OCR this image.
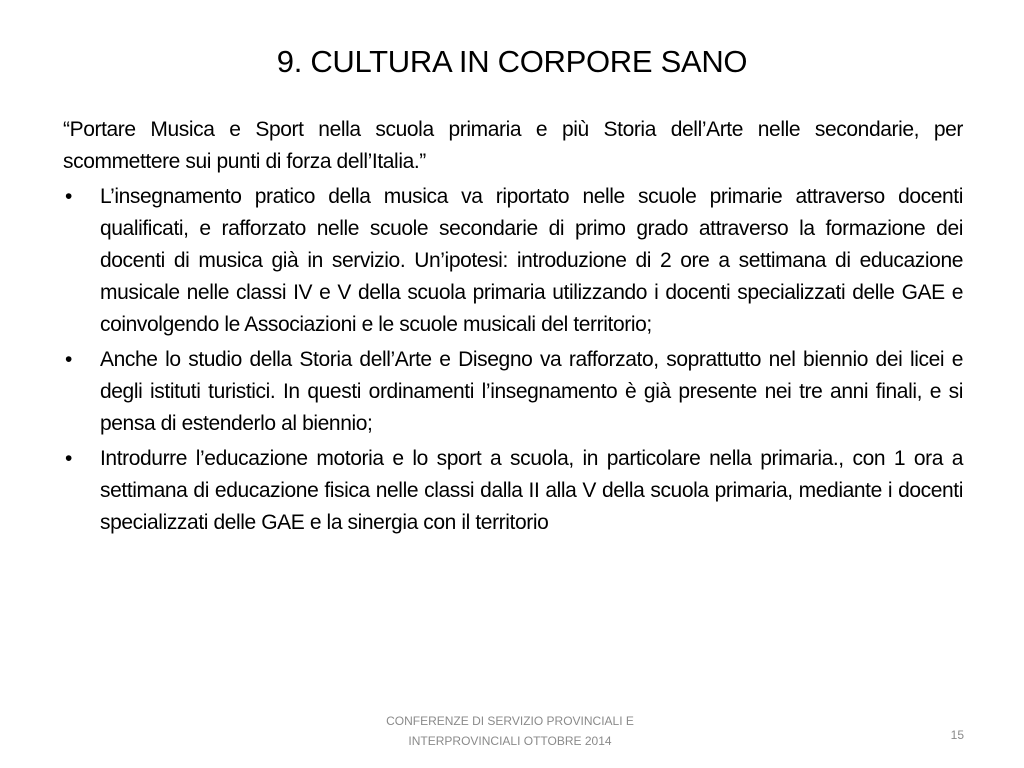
9. CULTURA IN CORPORE SANO

“Portare Musica e Sport nella scuola primaria e più Storia dell’Arte nelle secondarie, per scommettere sui punti di forza dell’Italia.”

•	L’insegnamento pratico della musica va riportato nelle scuole primarie attraverso docenti qualificati, e rafforzato nelle scuole secondarie di primo grado attraverso la formazione dei docenti di musica già in servizio. Un’ipotesi: introduzione di 2 ore a settimana di educazione musicale nelle classi IV e V della scuola primaria utilizzando i docenti specializzati delle GAE e coinvolgendo le Associazioni e le scuole musicali del territorio;
•	Anche lo studio della Storia dell’Arte e Disegno va rafforzato, soprattutto nel biennio dei licei e degli istituti turistici. In questi ordinamenti l’insegnamento è già presente nei tre anni finali, e si pensa di estenderlo al biennio;
•	Introdurre l’educazione motoria e lo sport a scuola, in particolare nella primaria., con 1 ora a settimana di educazione fisica nelle classi dalla II alla V della scuola primaria, mediante i docenti specializzati delle GAE e la sinergia con il territorio
CONFERENZE DI SERVIZIO PROVINCIALI E
INTERPROVINCIALI OTTOBRE 2014	15
